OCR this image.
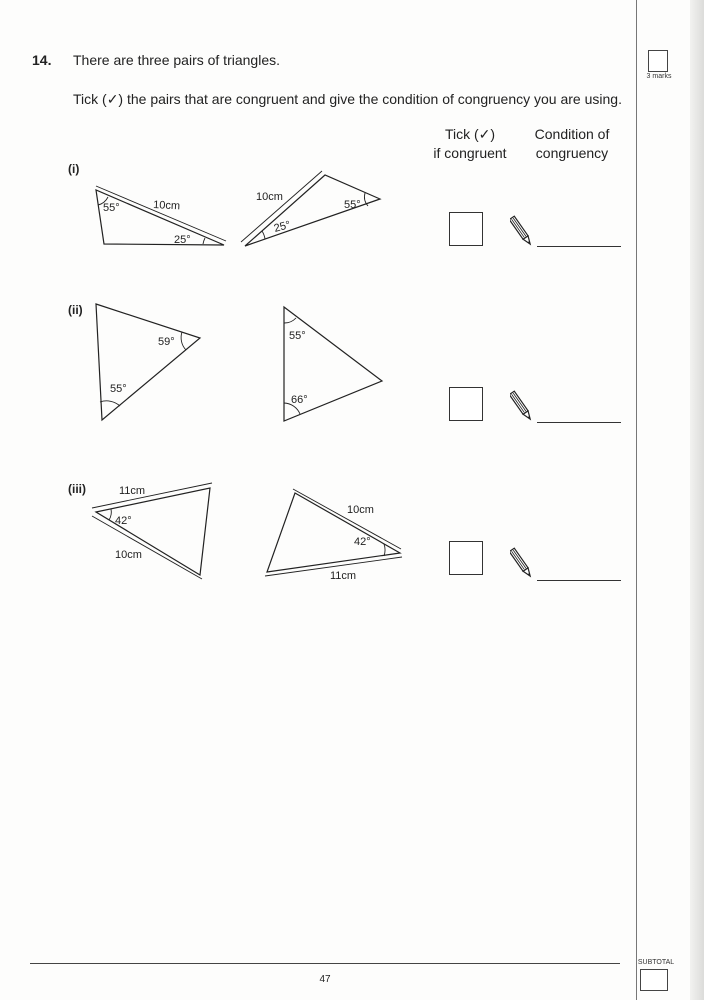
3 marks
14. There are three pairs of triangles.
Tick (✓) the pairs that are congruent and give the condition of congruency you are using.
Tick (✓)
if congruent
Condition of
congruency
(i)
(ii)
(iii)
55°	10cm
25°
10cm
55°
25°
59°
55°
55°
66°
11cm
42°
10cm
10cm
42°
11cm
47
SUBTOTAL
